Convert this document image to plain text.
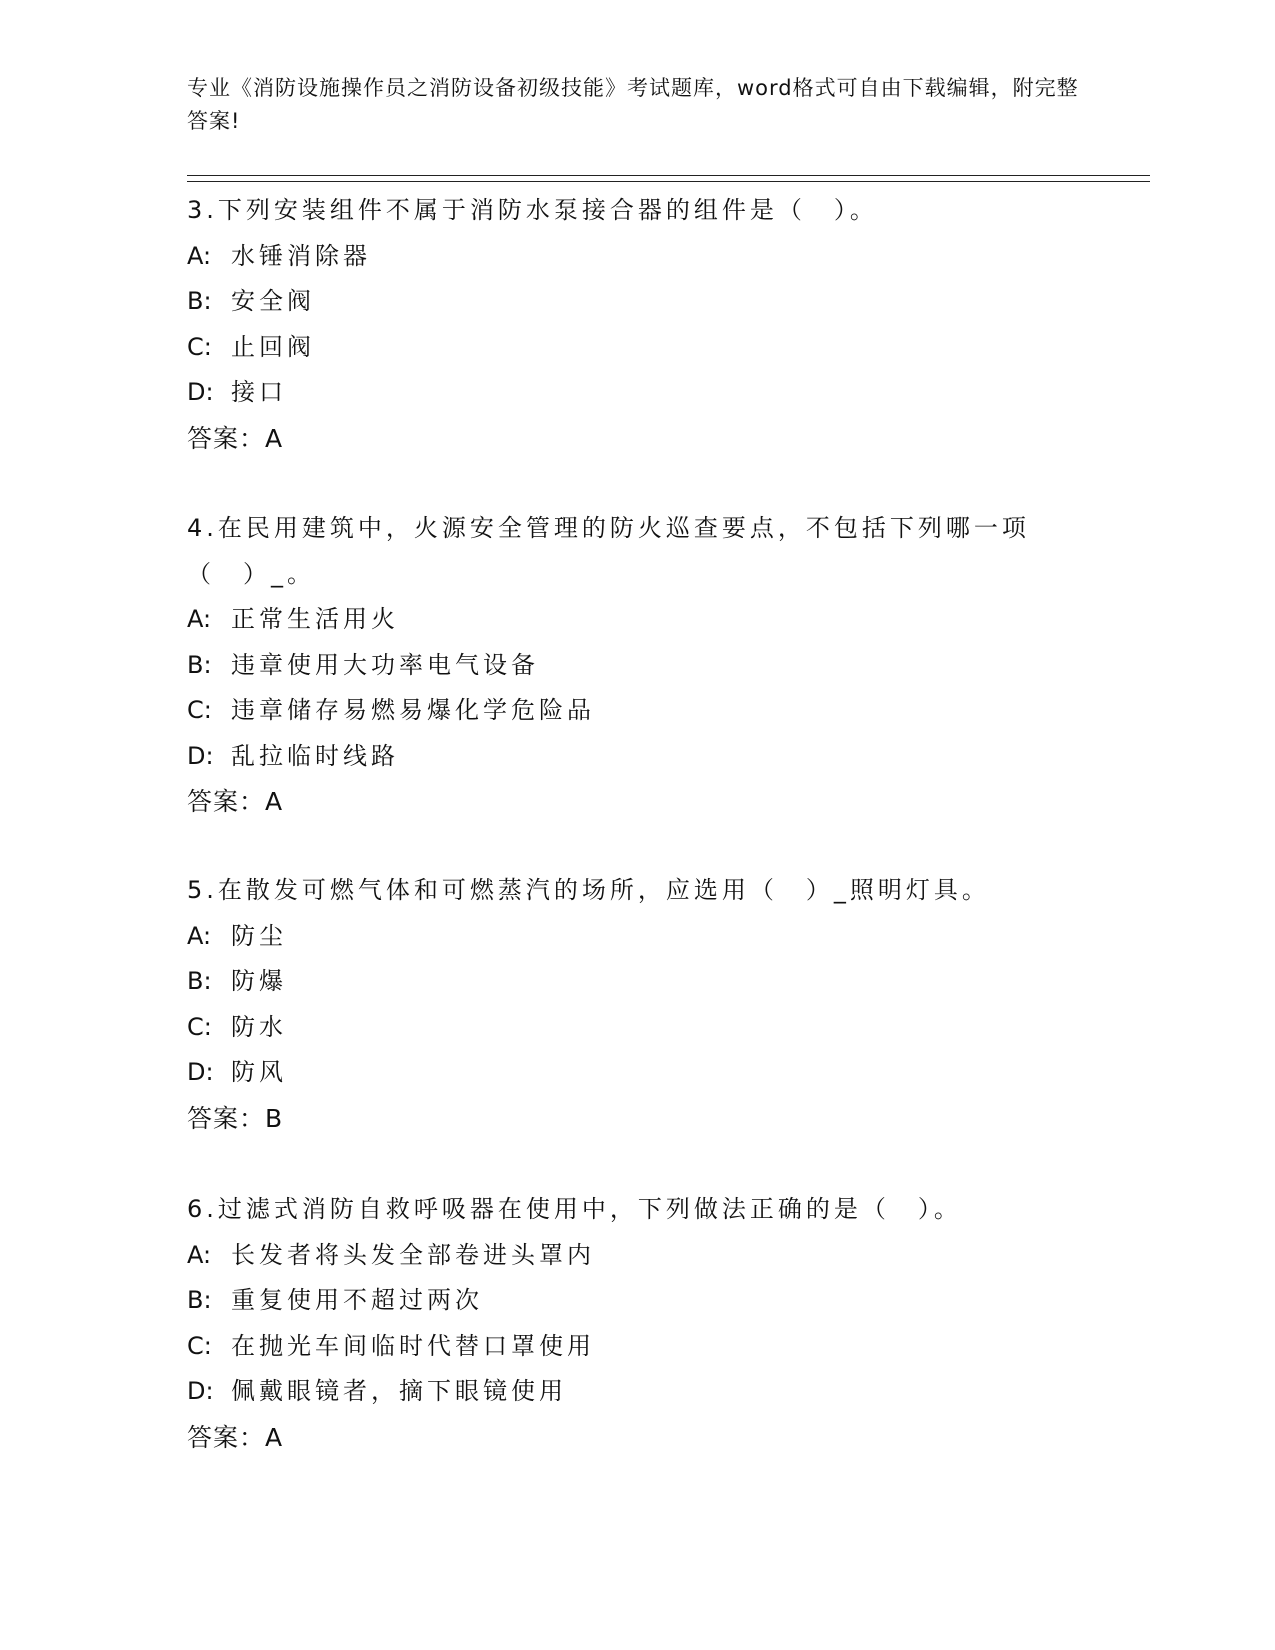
专业《消防设施操作员之消防设备初级技能》考试题库，word格式可自由下载编辑，附完整答案!
3.下列安装组件不属于消防水泵接合器的组件是（　）。
A: 水锤消除器
B: 安全阀
C: 止回阀
D: 接口
答案：A
4.在民用建筑中，火源安全管理的防火巡查要点，不包括下列哪一项（　）_。
A: 正常生活用火
B: 违章使用大功率电气设备
C: 违章储存易燃易爆化学危险品
D: 乱拉临时线路
答案：A
5.在散发可燃气体和可燃蒸汽的场所，应选用（　）_照明灯具。
A: 防尘
B: 防爆
C: 防水
D: 防风
答案：B
6.过滤式消防自救呼吸器在使用中，下列做法正确的是（　）。
A: 长发者将头发全部卷进头罩内
B: 重复使用不超过两次
C: 在抛光车间临时代替口罩使用
D: 佩戴眼镜者，摘下眼镜使用
答案：A
